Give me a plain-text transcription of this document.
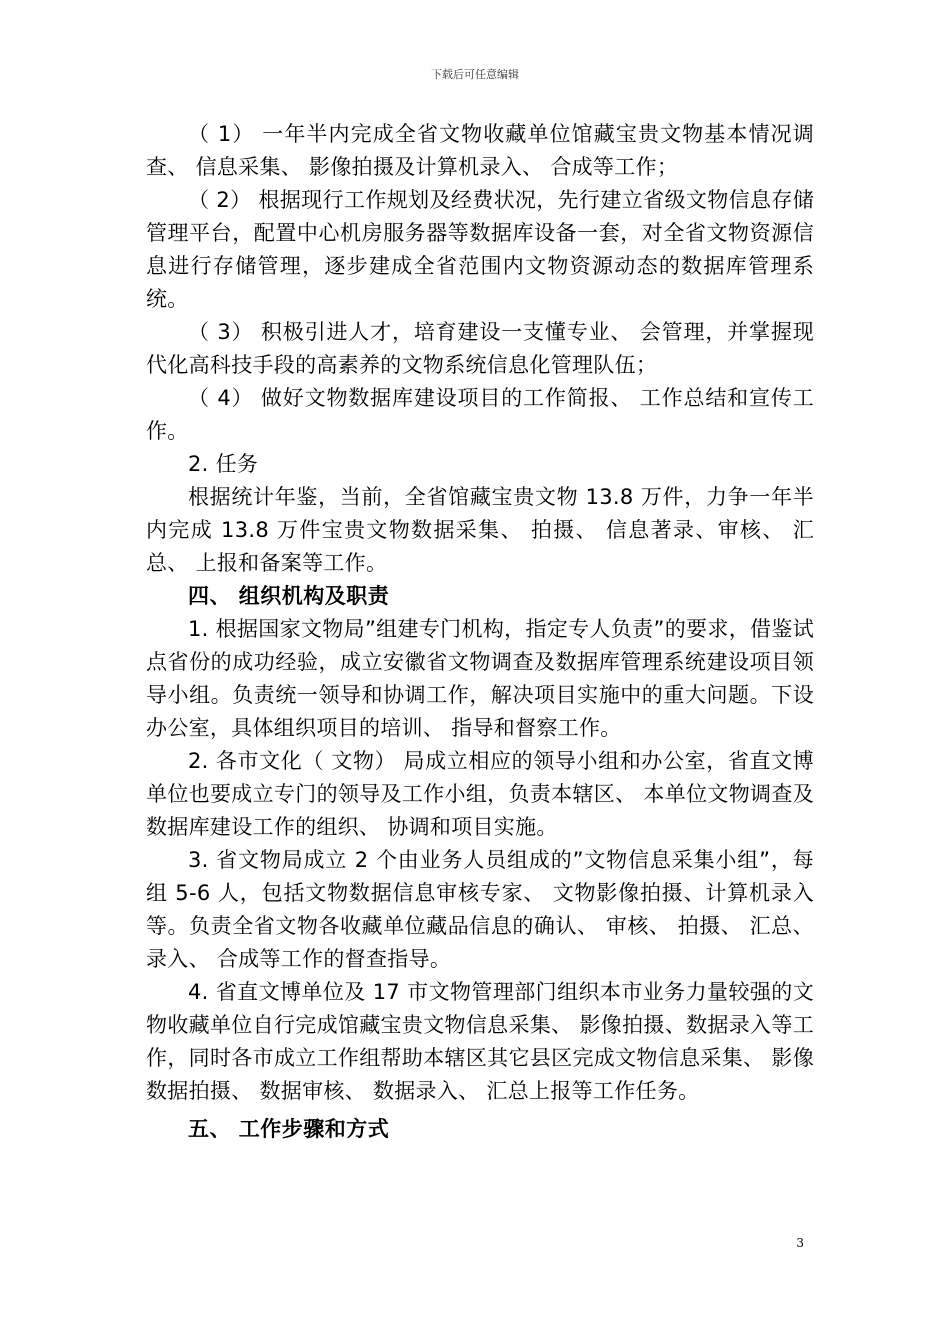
下载后可任意编辑

（ 1） 一年半内完成全省文物收藏单位馆藏宝贵文物基本情况调查、 信息采集、 影像拍摄及计算机录入、 合成等工作；

（ 2） 根据现行工作规划及经费状况，先行建立省级文物信息存储管理平台，配置中心机房服务器等数据库设备一套，对全省文物资源信息进行存储管理，逐步建成全省范围内文物资源动态的数据库管理系统。

（ 3） 积极引进人才，培育建设一支懂专业、 会管理，并掌握现代化高科技手段的高素养的文物系统信息化管理队伍；

（ 4） 做好文物数据库建设项目的工作简报、 工作总结和宣传工作。

2. 任务

根据统计年鉴，当前，全省馆藏宝贵文物 13.8 万件，力争一年半内完成 13.8 万件宝贵文物数据采集、 拍摄、 信息著录、审核、 汇总、 上报和备案等工作。

四、 组织机构及职责

1. 根据国家文物局”组建专门机构，指定专人负责”的要求，借鉴试点省份的成功经验，成立安徽省文物调查及数据库管理系统建设项目领导小组。负责统一领导和协调工作，解决项目实施中的重大问题。下设办公室，具体组织项目的培训、 指导和督察工作。

2. 各市文化（ 文物） 局成立相应的领导小组和办公室，省直文博单位也要成立专门的领导及工作小组，负责本辖区、 本单位文物调查及数据库建设工作的组织、 协调和项目实施。

3. 省文物局成立 2 个由业务人员组成的”文物信息采集小组”，每组 5-6 人，包括文物数据信息审核专家、 文物影像拍摄、计算机录入等。负责全省文物各收藏单位藏品信息的确认、 审核、 拍摄、 汇总、 录入、 合成等工作的督查指导。

4. 省直文博单位及 17 市文物管理部门组织本市业务力量较强的文物收藏单位自行完成馆藏宝贵文物信息采集、 影像拍摄、数据录入等工作，同时各市成立工作组帮助本辖区其它县区完成文物信息采集、 影像数据拍摄、 数据审核、 数据录入、 汇总上报等工作任务。

五、 工作步骤和方式

3
